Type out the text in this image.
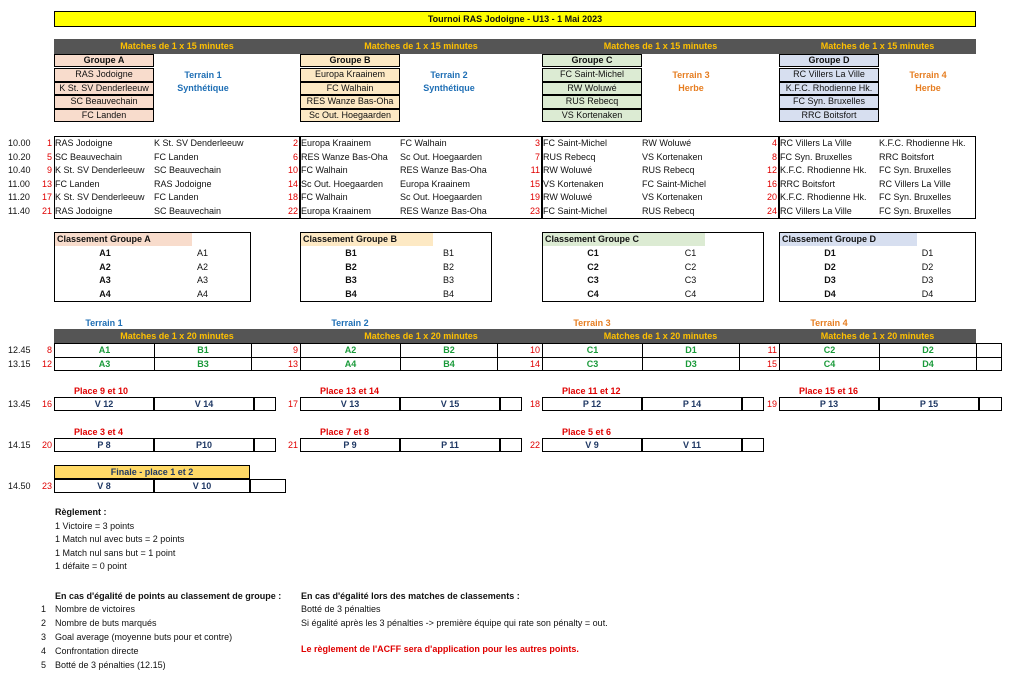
Tournoi RAS Jodoigne - U13 - 1 Mai 2023
Matches de 1 x 15 minutes
Groupe A
RAS Jodoigne
K St. SV Denderleeuw
SC Beauvechain
FC Landen
Terrain 1
Synthétique
Matches de 1 x 15 minutes
Groupe B
Europa Kraainem
FC Walhain
RES Wanze Bas-Oha
Sc Out. Hoegaarden
Terrain 2
Synthétique
Matches de 1 x 15 minutes
Groupe C
FC Saint-Michel
RW Woluwé
RUS Rebecq
VS Kortenaken
Terrain 3
Herbe
Matches de 1 x 15 minutes
Groupe D
RC Villers La Ville
K.F.C. Rhodienne Hk.
FC Syn. Bruxelles
RRC Boitsfort
Terrain 4
Herbe
10.00	1 RAS Jodoigne	K St. SV Denderleeuw	2 Europa Kraainem	FC Walhain	3 FC Saint-Michel	RW Woluwé	4 RC Villers La Ville	K.F.C. Rhodienne Hk.
10.20	5 SC Beauvechain	FC Landen	6 RES Wanze Bas-Oha	Sc Out. Hoegaarden	7 RUS Rebecq	VS Kortenaken	8 FC Syn. Bruxelles	RRC Boitsfort
10.40	9 K St. SV Denderleeuw	SC Beauvechain	10 FC Walhain	RES Wanze Bas-Oha	11 RW Woluwé	RUS Rebecq	12 K.F.C. Rhodienne Hk.	FC Syn. Bruxelles
11.00	13 FC Landen	RAS Jodoigne	14 Sc Out. Hoegaarden	Europa Kraainem	15 VS Kortenaken	FC Saint-Michel	16 RRC Boitsfort	RC Villers La Ville
11.20	17 K St. SV Denderleeuw	FC Landen	18 FC Walhain	Sc Out. Hoegaarden	19 RW Woluwé	VS Kortenaken	20 K.F.C. Rhodienne Hk.	FC Syn. Bruxelles
11.40	21 RAS Jodoigne	SC Beauvechain	22 Europa Kraainem	RES Wanze Bas-Oha	23 FC Saint-Michel	RUS Rebecq	24 RC Villers La Ville	FC Syn. Bruxelles
Classement Groupe A
A1	A1
A2	A2
A3	A3
A4	A4
Classement Groupe B
B1	B1
B2	B2
B3	B3
B4	B4
Classement Groupe C
C1	C1
C2	C2
C3	C3
C4	C4
Classement Groupe D
D1	D1
D2	D2
D3	D3
D4	D4
Terrain 1	Terrain 2	Terrain 3	Terrain 4
Matches de 1 x 20 minutes	Matches de 1 x 20 minutes	Matches de 1 x 20 minutes	Matches de 1 x 20 minutes
12.45	8	A1	B1	9	A2	B2	10	C1	D1	11	C2	D2
13.15	12	A3	B3	13	A4	B4	14	C3	D3	15	C4	D4
13.45
Place 9 et 10
16	V 12	V 14
Place 13 et 14
17	V 13	V 15
Place 11 et 12
18	P 12	P 14
Place 15 et 16
19	P 13	P 15
14.15
Place 3 et 4
20	P 8	P10
Place 7 et 8
21	P 9	P 11
Place 5 et 6
22	V 9	V 11
Finale - place 1 et 2
14.50	23	V 8	V 10
Règlement :
1 Victoire = 3 points
1 Match nul avec buts = 2 points
1 Match nul sans but = 1 point
1 défaite = 0 point
En cas d'égalité de points au classement de groupe :
1 Nombre de victoires
2 Nombre de buts marqués
3 Goal average (moyenne buts pour et contre)
4 Confrontation directe
5 Botté de 3 pénalties (12.15)
En cas d'égalité lors des matches de classements :
Botté de 3 pénalties
Si égalité après les 3 pénalties -> première équipe qui rate son pénalty = out.
Le règlement de l'ACFF sera d'application pour les autres points.
